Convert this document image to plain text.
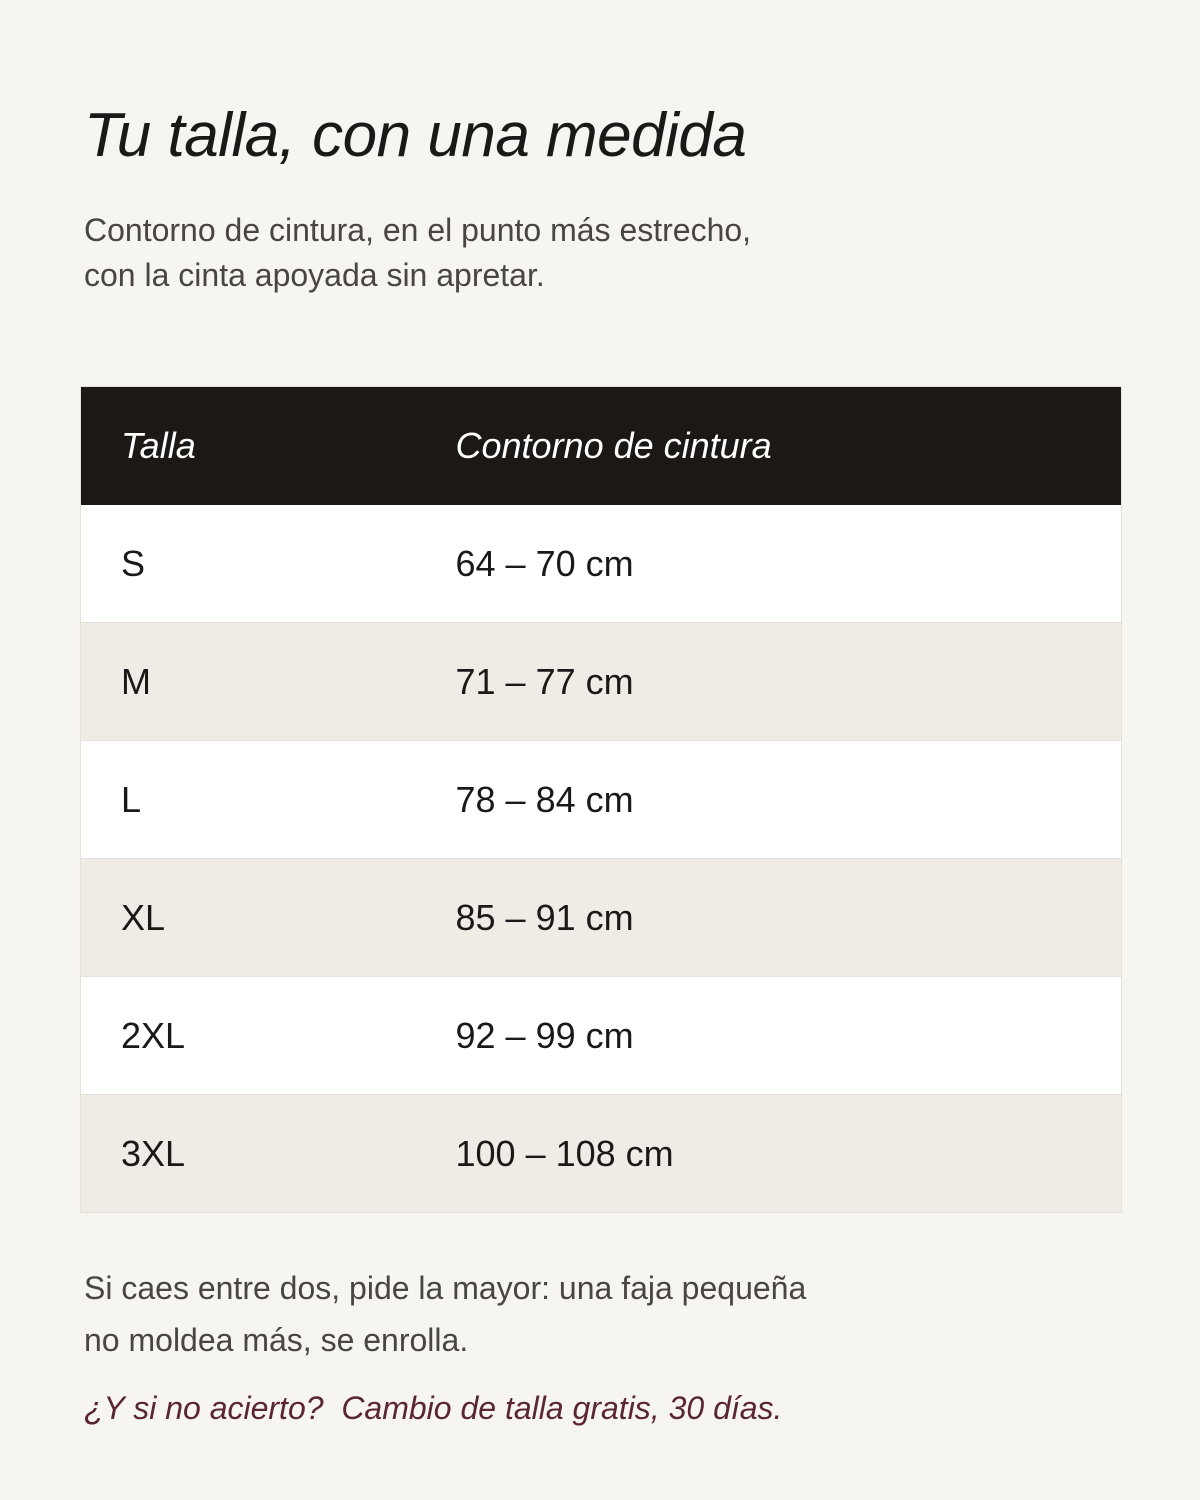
Tu talla, con una medida

Contorno de cintura, en el punto más estrecho,
con la cinta apoyada sin apretar.

Talla	Contorno de cintura
S	64 – 70 cm
M	71 – 77 cm
L	78 – 84 cm
XL	85 – 91 cm
2XL	92 – 99 cm
3XL	100 – 108 cm

Si caes entre dos, pide la mayor: una faja pequeña
no moldea más, se enrolla.

¿Y si no acierto?  Cambio de talla gratis, 30 días.
